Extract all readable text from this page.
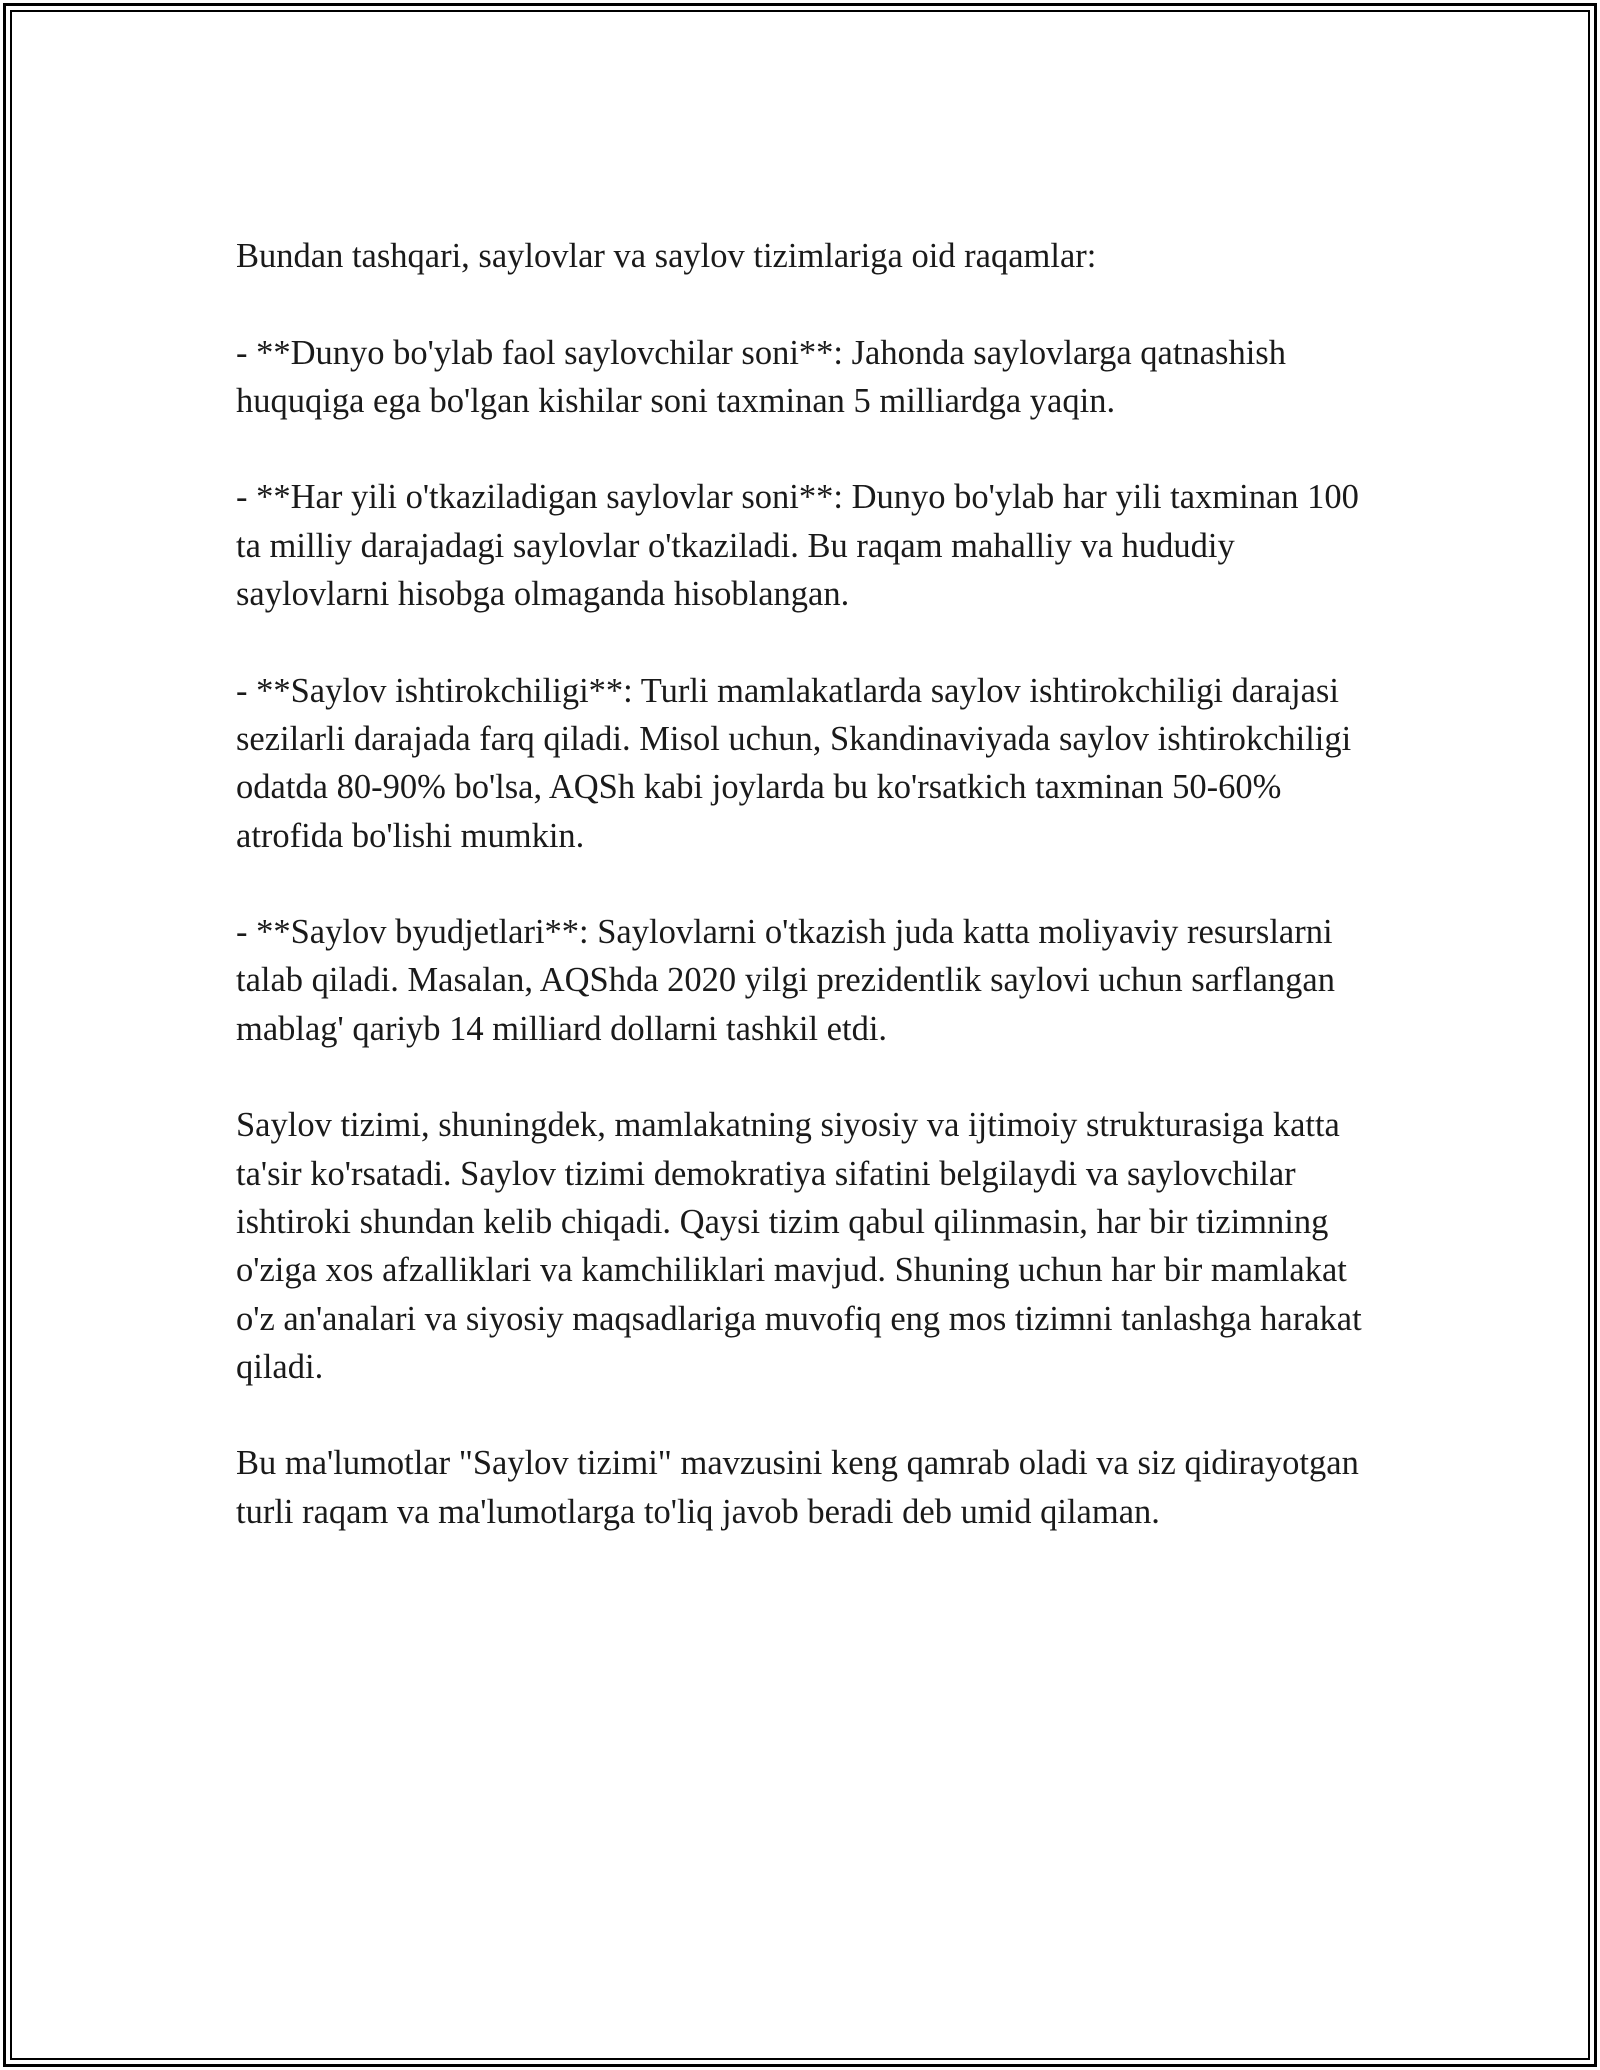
Bundan tashqari, saylovlar va saylov tizimlariga oid raqamlar:

- **Dunyo bo'ylab faol saylovchilar soni**: Jahonda saylovlarga qatnashish huquqiga ega bo'lgan kishilar soni taxminan 5 milliardga yaqin.

- **Har yili o'tkaziladigan saylovlar soni**: Dunyo bo'ylab har yili taxminan 100 ta milliy darajadagi saylovlar o'tkaziladi. Bu raqam mahalliy va hududiy saylovlarni hisobga olmaganda hisoblangan.

- **Saylov ishtirokchiligi**: Turli mamlakatlarda saylov ishtirokchiligi darajasi sezilarli darajada farq qiladi. Misol uchun, Skandinaviyada saylov ishtirokchiligi odatda 80-90% bo'lsa, AQSh kabi joylarda bu ko'rsatkich taxminan 50-60% atrofida bo'lishi mumkin.

- **Saylov byudjetlari**: Saylovlarni o'tkazish juda katta moliyaviy resurslarni talab qiladi. Masalan, AQShda 2020 yilgi prezidentlik saylovi uchun sarflangan mablag' qariyb 14 milliard dollarni tashkil etdi.

Saylov tizimi, shuningdek, mamlakatning siyosiy va ijtimoiy strukturasiga katta ta'sir ko'rsatadi. Saylov tizimi demokratiya sifatini belgilaydi va saylovchilar ishtiroki shundan kelib chiqadi. Qaysi tizim qabul qilinmasin, har bir tizimning o'ziga xos afzalliklari va kamchiliklari mavjud. Shuning uchun har bir mamlakat o'z an'analari va siyosiy maqsadlariga muvofiq eng mos tizimni tanlashga harakat qiladi.

Bu ma'lumotlar "Saylov tizimi" mavzusini keng qamrab oladi va siz qidirayotgan turli raqam va ma'lumotlarga to'liq javob beradi deb umid qilaman.
